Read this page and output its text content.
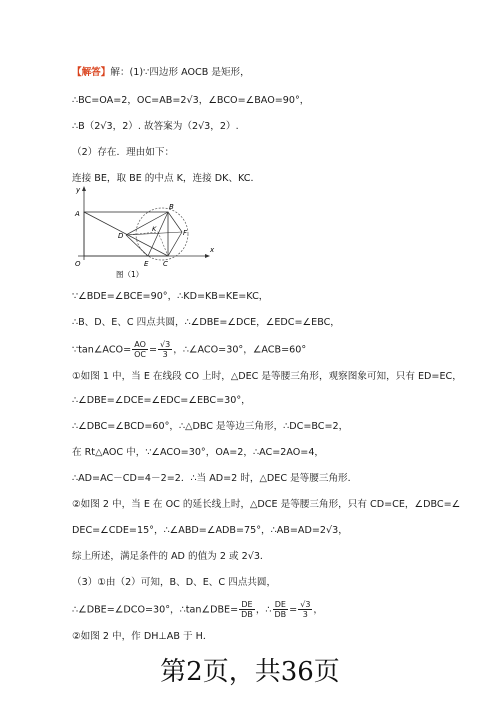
【解答】解：(1)∵四边形 AOCB 是矩形，
∴BC=OA=2，OC=AB=2√3，∠BCO=∠BAO=90°，
∴B（2√3，2）. 故答案为（2√3，2）.
（2）存在．理由如下：
连接 BE，取 BE 的中点 K，连接 DK、KC．
y
x
A
B
O	C
E
D
K	F
图（1）
∵∠BDE=∠BCE=90°，∴KD=KB=KE=KC，
∴B、D、E、C 四点共圆，∴∠DBE=∠DCE，∠EDC=∠EBC，
∵tan∠ACO= $\frac{AO}{OC} = \frac{√3}{3}$ ，∴∠ACO=30°，∠ACB=60°
①如图 1 中，当 E 在线段 CO 上时，△DEC 是等腰三角形，观察图象可知，只有 ED=EC，
∴∠DBE=∠DCE=∠EDC=∠EBC=30°，
∴∠DBC=∠BCD=60°，∴△DBC 是等边三角形，∴DC=BC=2，
在 Rt△AOC 中，∵∠ACO=30°，OA=2，∴AC=2AO=4，
∴AD=AC－CD=4－2=2．∴当 AD=2 时，△DEC 是等腰三角形．
②如图 2 中，当 E 在 OC 的延长线上时，△DCE 是等腰三角形，只有 CD=CE，∠DBC=∠
DEC=∠CDE=15°，∴∠ABD=∠ADB=75°，∴AB=AD=2√3，
综上所述，满足条件的 AD 的值为 2 或 2√3．
（3）①由（2）可知，B、D、E、C 四点共圆，
∴∠DBE=∠DCO=30°，∴tan∠DBE= $\frac{DE}{DB}$ ，∴ $\frac{DE}{DB} = \frac{√3}{3}$ ，
②如图 2 中，作 DH⊥AB 于 H．
第2页，共36页
